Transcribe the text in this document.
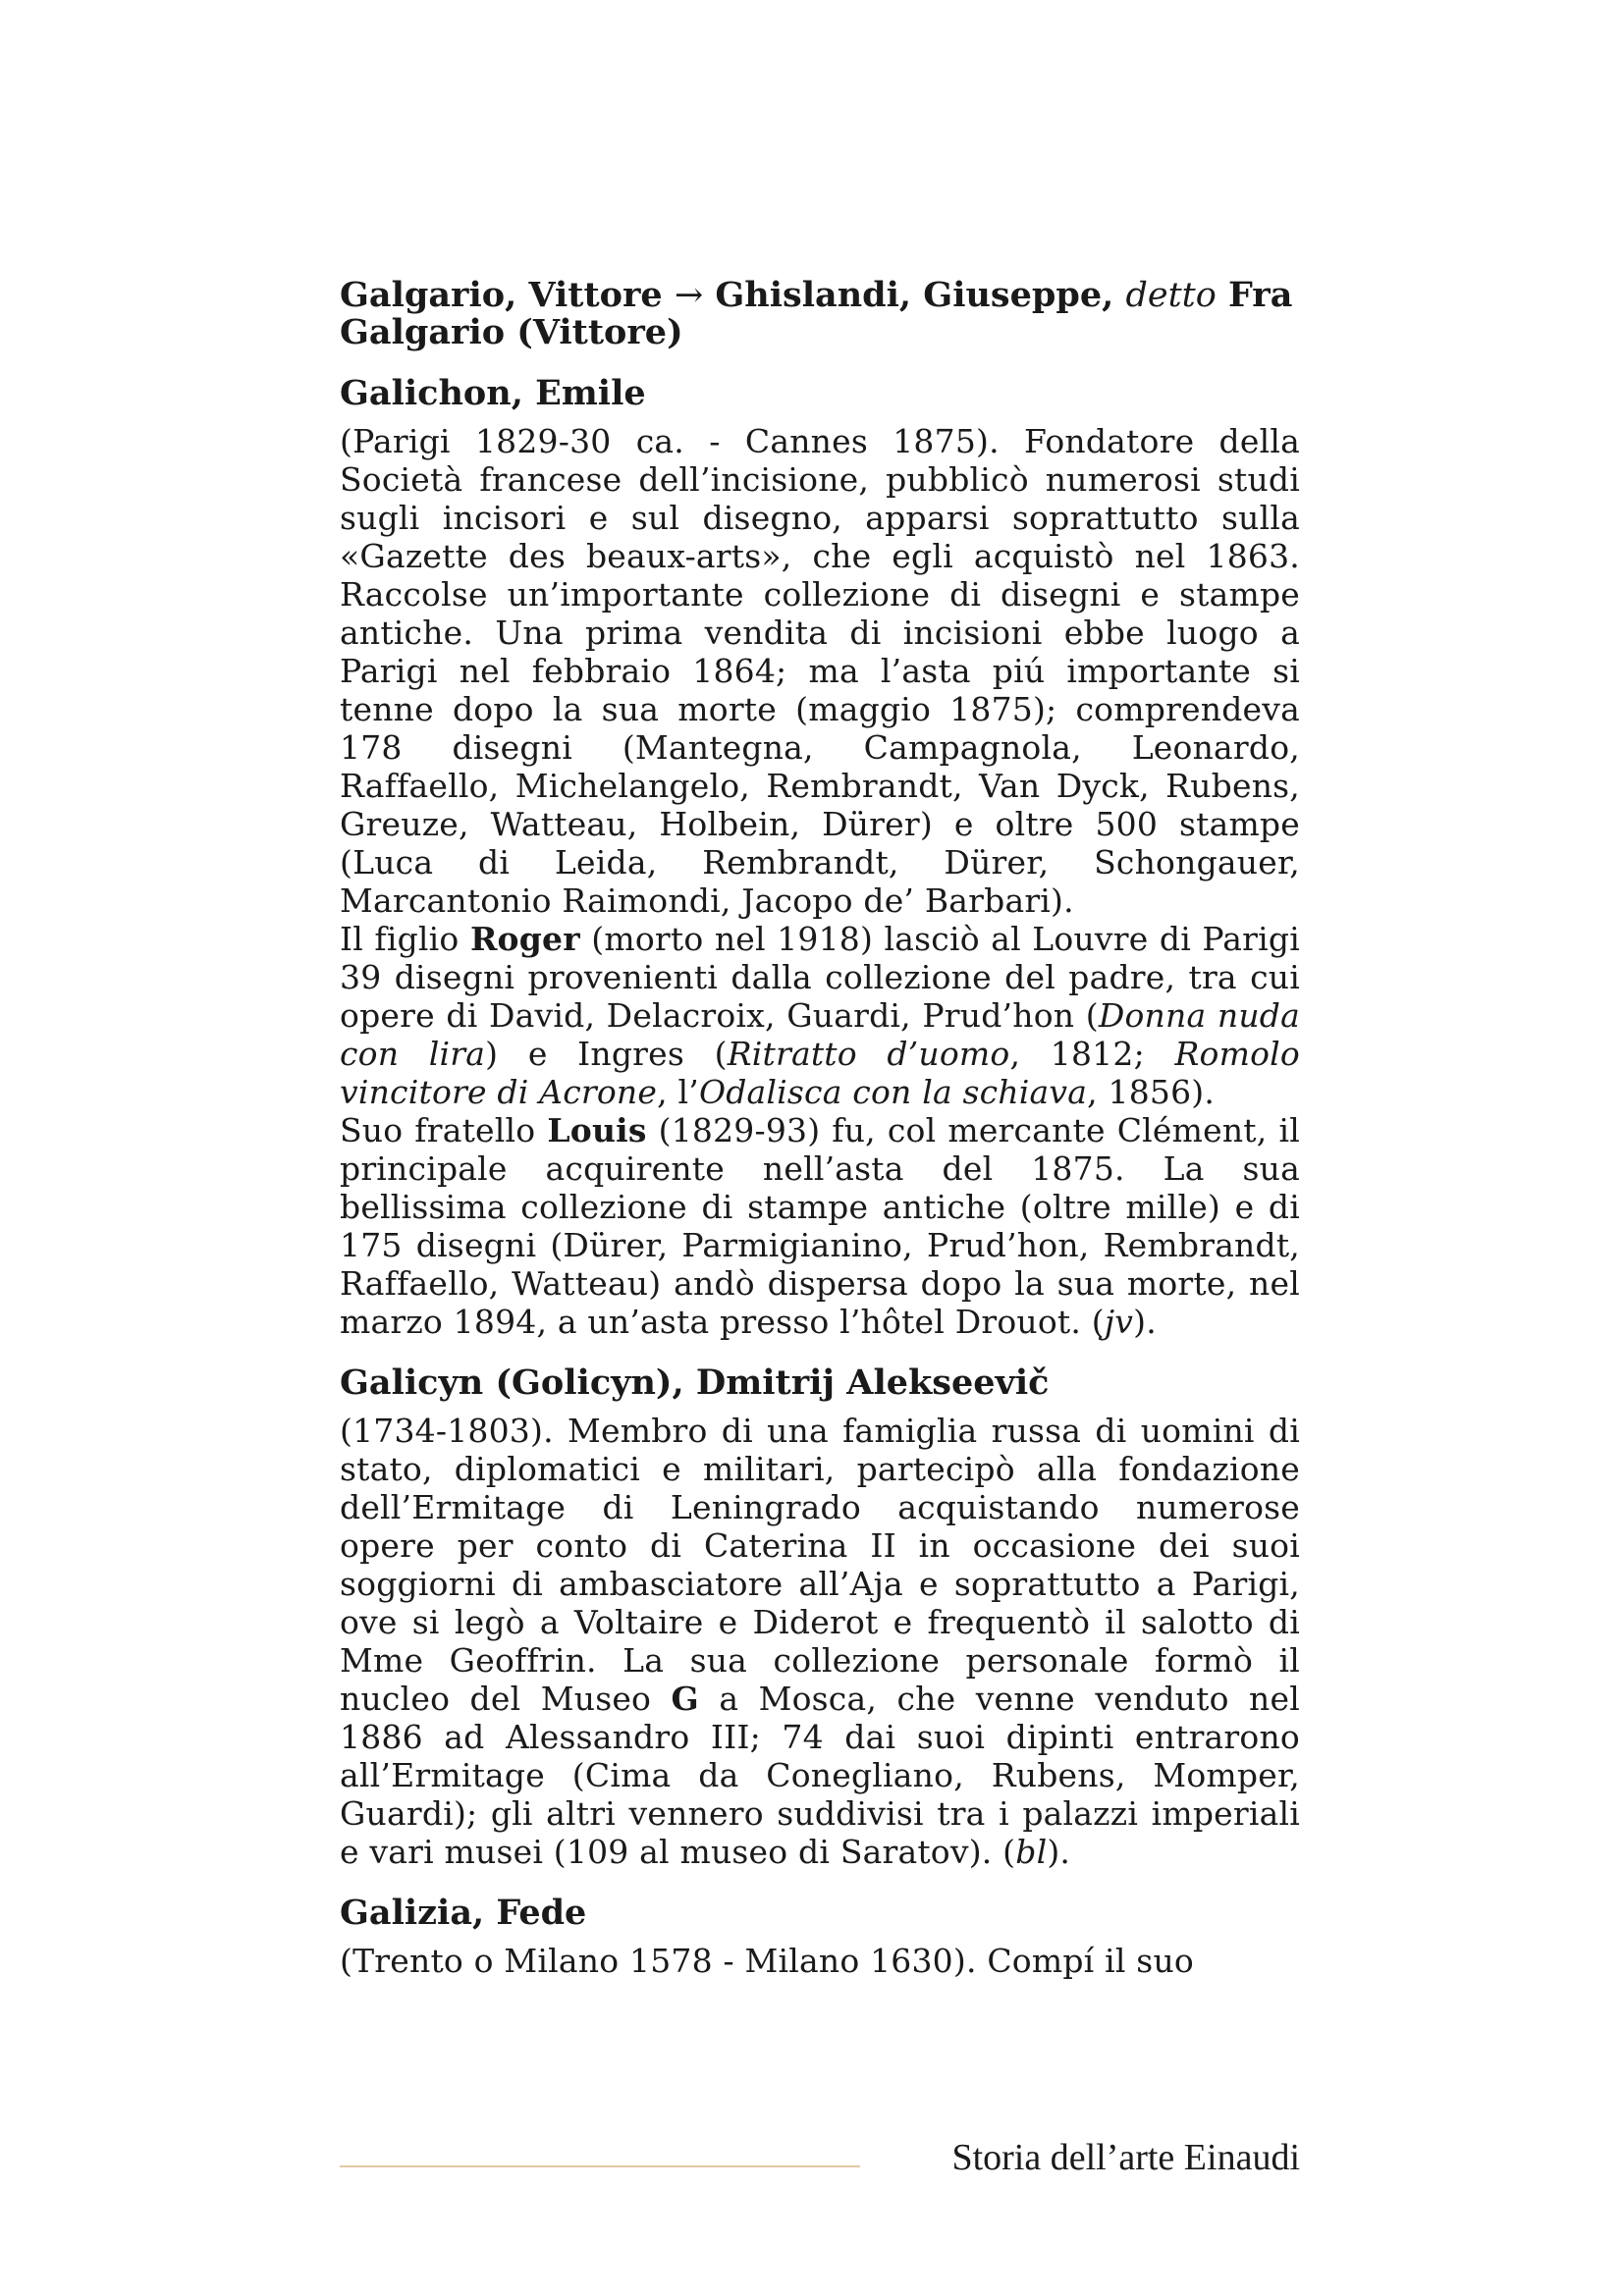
Galgario, Vittore → Ghislandi, Giuseppe, detto Fra Galgario (Vittore)

Galichon, Emile

(Parigi 1829-30 ca. - Cannes 1875). Fondatore della Società francese dell’incisione, pubblicò numerosi studi sugli incisori e sul disegno, apparsi soprattutto sulla «Gazette des beaux-arts», che egli acquistò nel 1863. Raccolse un’importante collezione di disegni e stampe antiche. Una prima vendita di incisioni ebbe luogo a Parigi nel febbraio 1864; ma l’asta piú importante si tenne dopo la sua morte (maggio 1875); comprendeva 178 disegni (Mantegna, Campagnola, Leonardo, Raffaello, Michelangelo, Rembrandt, Van Dyck, Rubens, Greuze, Watteau, Holbein, Dürer) e oltre 500 stampe (Luca di Leida, Rembrandt, Dürer, Schongauer, Marcantonio Raimondi, Jacopo de’ Barbari).

Il figlio Roger (morto nel 1918) lasciò al Louvre di Parigi 39 disegni provenienti dalla collezione del padre, tra cui opere di David, Delacroix, Guardi, Prud’hon (Donna nuda con lira) e Ingres (Ritratto d’uomo, 1812; Romolo vincitore di Acrone, l’Odalisca con la schiava, 1856).

Suo fratello Louis (1829-93) fu, col mercante Clément, il principale acquirente nell’asta del 1875. La sua bellissima collezione di stampe antiche (oltre mille) e di 175 disegni (Dürer, Parmigianino, Prud’hon, Rembrandt, Raffaello, Watteau) andò dispersa dopo la sua morte, nel marzo 1894, a un’asta presso l’hôtel Drouot. (jv).

Galicyn (Golicyn), Dmitrij Alekseevič

(1734-1803). Membro di una famiglia russa di uomini di stato, diplomatici e militari, partecipò alla fondazione dell’Ermitage di Leningrado acquistando numerose opere per conto di Caterina II in occasione dei suoi soggiorni di ambasciatore all’Aja e soprattutto a Parigi, ove si legò a Voltaire e Diderot e frequentò il salotto di Mme Geoffrin. La sua collezione personale formò il nucleo del Museo G a Mosca, che venne venduto nel 1886 ad Alessandro III; 74 dai suoi dipinti entrarono all’Ermitage (Cima da Conegliano, Rubens, Momper, Guardi); gli altri vennero suddivisi tra i palazzi imperiali e vari musei (109 al museo di Saratov). (bl).

Galizia, Fede

(Trento o Milano 1578 - Milano 1630). Compí il suo

Storia dell’arte Einaudi
